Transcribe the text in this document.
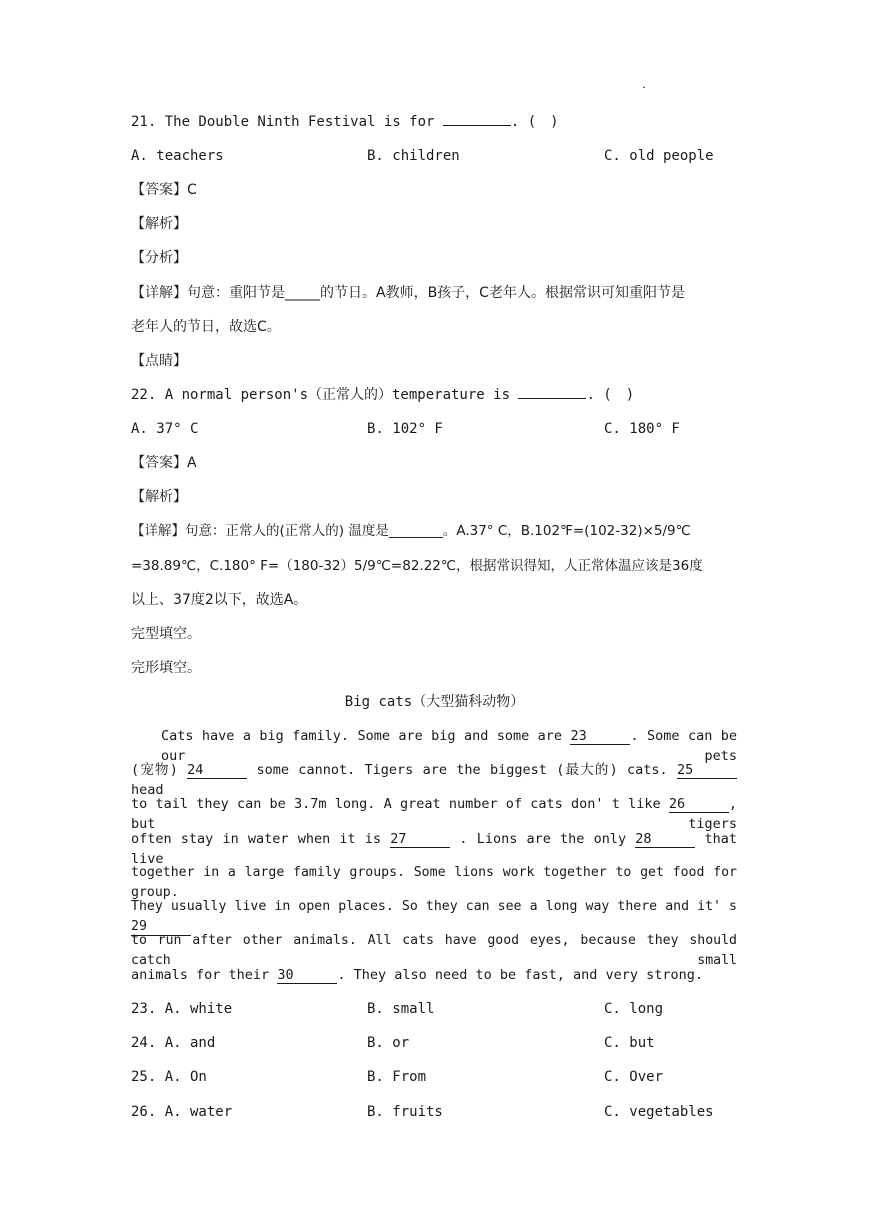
.
21. The Double Ninth Festival is for	. (　)
A. teachers	B. children	C. old people
【答案】C
【解析】
【分析】
【详解】句意：重阳节是_____的节日。A教师，B孩子，C老年人。根据常识可知重阳节是
老年人的节日，故选C。
【点睛】
22. A normal person's（正常人的）temperature is	. (　)
A. 37° C	B. 102° F	C. 180° F
【答案】A
【解析】
【详解】句意：正常人的(正常人的) 温度是________。A.37° C，B.102℉=(102-32)×5/9℃
=38.89℃，C.180° F=（180-32）5/9℃=82.22℃，根据常识得知，人正常体温应该是36度
以上、37度2以下，故选A。
完型填空。
完形填空。
Big cats（大型猫科动物）
Cats have a big family. Some are big and some are 23	. Some can be our pets
(宠物) 24	some cannot. Tigers are the biggest (最大的) cats. 25 head
to tail they can be 3.7m long. A great number of cats don' t like 26	, but tigers
often stay in water when it is 27	. Lions are the only 28	that live
together in a large family groups. Some lions work together to get food for group.
They usually live in open places. So they can see a long way there and it' s 29
to run after other animals. All cats have good eyes, because they should catch small
animals for their 30	. They also need to be fast, and very strong.
23. A. white	B. small	C. long
24. A. and	B. or	C. but
25. A. On	B. From	C. Over
26. A. water	B. fruits	C. vegetables
